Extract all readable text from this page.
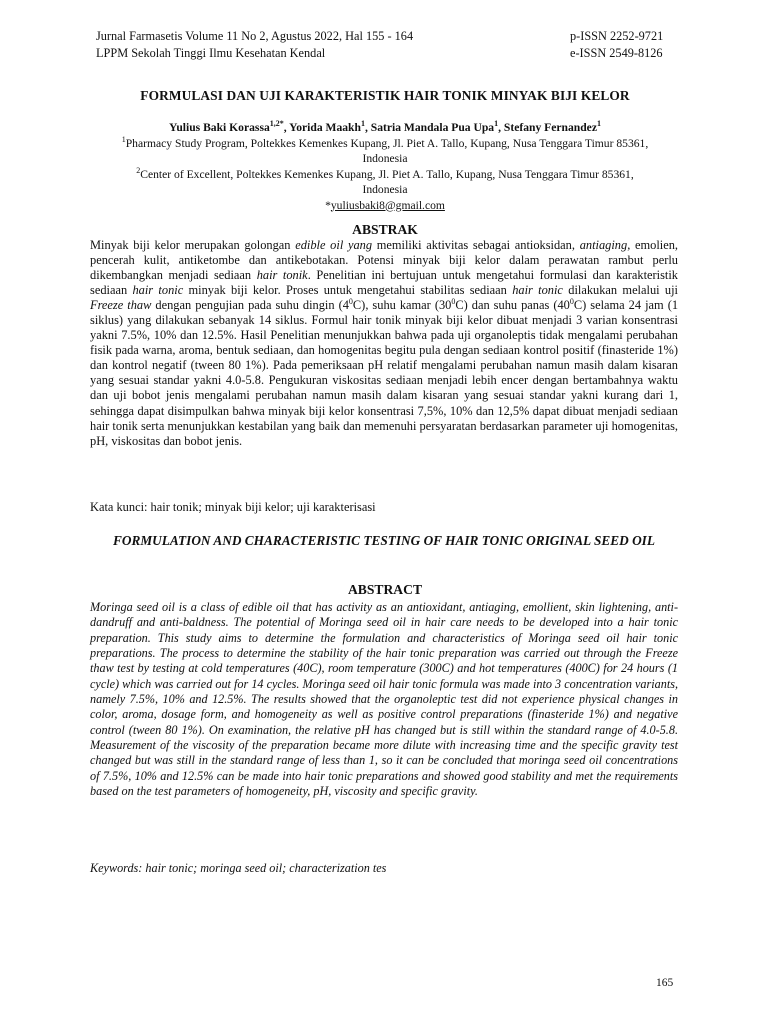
Jurnal Farmasetis Volume 11 No 2, Agustus 2022, Hal 155 - 164	p-ISSN 2252-9721
LPPM Sekolah Tinggi Ilmu Kesehatan Kendal	e-ISSN 2549-8126
FORMULASI DAN UJI KARAKTERISTIK HAIR TONIK MINYAK BIJI KELOR
Yulius Baki Korassa$^{1,2*}$, Yorida Maakh$^1$, Satria Mandala Pua Upa$^1$, Stefany Fernandez$^1$
$^1$Pharmacy Study Program, Poltekkes Kemenkes Kupang, Jl. Piet A. Tallo, Kupang, Nusa Tenggara Timur 85361,
Indonesia
$^2$Center of Excellent, Poltekkes Kemenkes Kupang, Jl. Piet A. Tallo, Kupang, Nusa Tenggara Timur 85361,
Indonesia
*yuliusbaki8@gmail.com
ABSTRAK
Minyak biji kelor merupakan golongan edible oil yang memiliki aktivitas sebagai antioksidan, antiaging, emolien, pencerah kulit, antiketombe dan antikebotakan. Potensi minyak biji kelor dalam perawatan rambut perlu dikembangkan menjadi sediaan hair tonik. Penelitian ini bertujuan untuk mengetahui formulasi dan karakteristik sediaan hair tonic minyak biji kelor. Proses untuk mengetahui stabilitas sediaan hair tonic dilakukan melalui uji Freeze thaw dengan pengujian pada suhu dingin $(4^0C)$, suhu kamar $(30^0C)$ dan suhu panas $(40^0C)$ selama 24 jam (1 siklus) yang dilakukan sebanyak 14 siklus. Formul hair tonik minyak biji kelor dibuat menjadi 3 varian konsentrasi yakni 7.5%, 10% dan 12.5%. Hasil Penelitian menunjukkan bahwa pada uji organoleptis tidak mengalami perubahan fisik pada warna, aroma, bentuk sediaan, dan homogenitas begitu pula dengan sediaan kontrol positif (finasteride 1%) dan kontrol negatif (tween 80 1%). Pada pemeriksaan pH relatif mengalami perubahan namun masih dalam kisaran yang sesuai standar yakni 4.0-5.8. Pengukuran viskositas sediaan menjadi lebih encer dengan bertambahnya waktu dan uji bobot jenis mengalami perubahan namun masih dalam kisaran yang sesuai standar yakni kurang dari 1, sehingga dapat disimpulkan bahwa minyak biji kelor konsentrasi 7,5%, 10% dan 12,5% dapat dibuat menjadi sediaan hair tonik serta menunjukkan kestabilan yang baik dan memenuhi persyaratan berdasarkan parameter uji homogenitas, pH, viskositas dan bobot jenis.
Kata kunci: hair tonik; minyak biji kelor; uji karakterisasi
FORMULATION AND CHARACTERISTIC TESTING OF HAIR TONIC ORIGINAL SEED OIL
ABSTRACT
Moringa seed oil is a class of edible oil that has activity as an antioxidant, antiaging, emollient, skin lightening, anti-dandruff and anti-baldness. The potential of Moringa seed oil in hair care needs to be developed into a hair tonic preparation. This study aims to determine the formulation and characteristics of Moringa seed oil hair tonic preparations. The process to determine the stability of the hair tonic preparation was carried out through the Freeze thaw test by testing at cold temperatures (40C), room temperature (300C) and hot temperatures (400C) for 24 hours (1 cycle) which was carried out for 14 cycles. Moringa seed oil hair tonic formula was made into 3 concentration variants, namely 7.5%, 10% and 12.5%. The results showed that the organoleptic test did not experience physical changes in color, aroma, dosage form, and homogeneity as well as positive control preparations (finasteride 1%) and negative control (tween 80 1%). On examination, the relative pH has changed but is still within the standard range of 4.0-5.8. Measurement of the viscosity of the preparation became more dilute with increasing time and the specific gravity test changed but was still in the standard range of less than 1, so it can be concluded that moringa seed oil concentrations of 7.5%, 10% and 12.5% can be made into hair tonic preparations and showed good stability and met the requirements based on the test parameters of homogeneity, pH, viscosity and specific gravity.
Keywords: hair tonic; moringa seed oil; characterization tes
165
